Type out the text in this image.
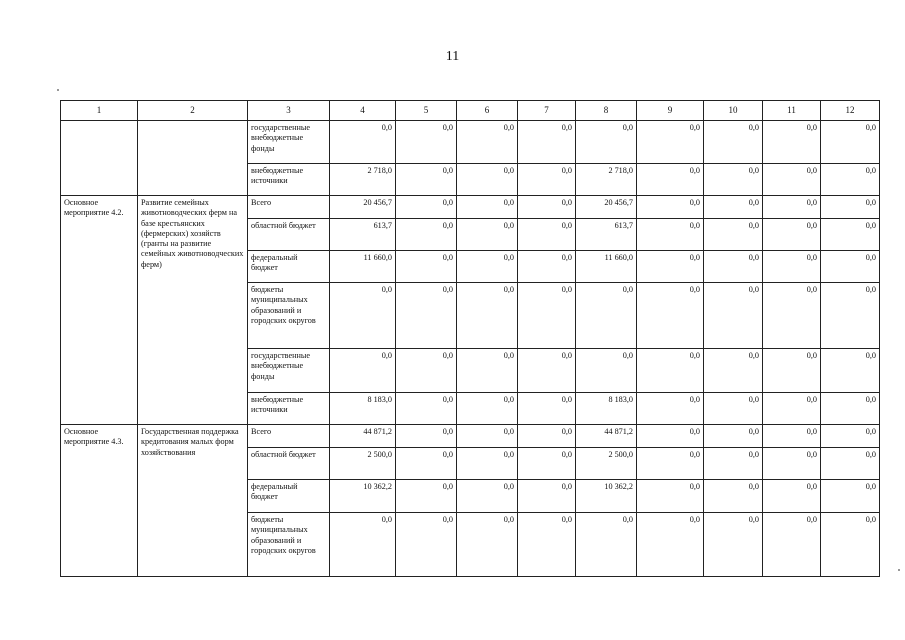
11
1	2	3	4	5	6	7	8	9	10	11	12
		государственные внебюджетные фонды	0,0	0,0	0,0	0,0	0,0	0,0	0,0	0,0	0,0
		внебюджетные источники	2 718,0	0,0	0,0	0,0	2 718,0	0,0	0,0	0,0	0,0
Основное мероприятие 4.2.	Развитие семейных животноводческих ферм на базе крестьянских (фермерских) хозяйств (гранты на развитие семейных животноводческих ферм)	Всего	20 456,7	0,0	0,0	0,0	20 456,7	0,0	0,0	0,0	0,0
		областной бюджет	613,7	0,0	0,0	0,0	613,7	0,0	0,0	0,0	0,0
		федеральный бюджет	11 660,0	0,0	0,0	0,0	11 660,0	0,0	0,0	0,0	0,0
		бюджеты муниципальных образований и городских округов	0,0	0,0	0,0	0,0	0,0	0,0	0,0	0,0	0,0
		государственные внебюджетные фонды	0,0	0,0	0,0	0,0	0,0	0,0	0,0	0,0	0,0
		внебюджетные источники	8 183,0	0,0	0,0	0,0	8 183,0	0,0	0,0	0,0	0,0
Основное мероприятие 4.3.	Государственная поддержка кредитования малых форм хозяйствования	Всего	44 871,2	0,0	0,0	0,0	44 871,2	0,0	0,0	0,0	0,0
		областной бюджет	2 500,0	0,0	0,0	0,0	2 500,0	0,0	0,0	0,0	0,0
		федеральный бюджет	10 362,2	0,0	0,0	0,0	10 362,2	0,0	0,0	0,0	0,0
		бюджеты муниципальных образований и городских округов	0,0	0,0	0,0	0,0	0,0	0,0	0,0	0,0	0,0
